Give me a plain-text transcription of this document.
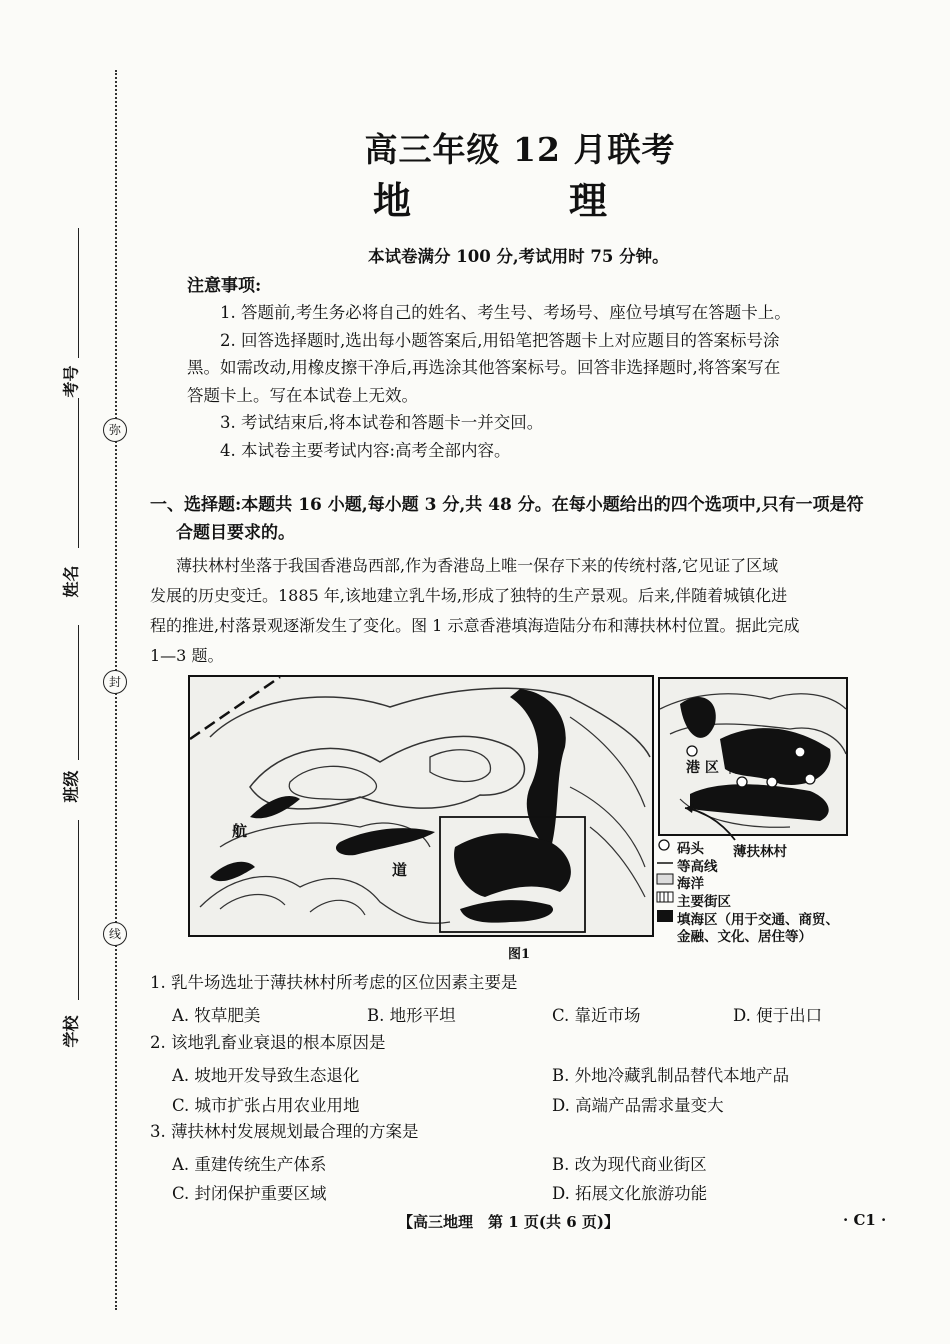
弥
封
线
考号
姓名
班级
学校
高三年级 12 月联考
地　理
本试卷满分 100 分,考试用时 75 分钟。
注意事项:
1. 答题前,考生务必将自己的姓名、考生号、考场号、座位号填写在答题卡上。
2. 回答选择题时,选出每小题答案后,用铅笔把答题卡上对应题目的答案标号涂
黑。如需改动,用橡皮擦干净后,再选涂其他答案标号。回答非选择题时,将答案写在
答题卡上。写在本试卷上无效。
3. 考试结束后,将本试卷和答题卡一并交回。
4. 本试卷主要考试内容:高考全部内容。
一、选择题:本题共 16 小题,每小题 3 分,共 48 分。在每小题给出的四个选项中,只有一项是符
合题目要求的。
薄扶林村坐落于我国香港岛西部,作为香港岛上唯一保存下来的传统村落,它见证了区域
发展的历史变迁。1885 年,该地建立乳牛场,形成了独特的生产景观。后来,伴随着城镇化进
程的推进,村落景观逐渐发生了变化。图 1 示意香港填海造陆分布和薄扶林村位置。据此完成
1—3 题。
航
道
港 区
码头 薄扶林村
等高线
海洋
主要街区
填海区（用于交通、商贸、
金融、文化、居住等）
图1
1. 乳牛场选址于薄扶林村所考虑的区位因素主要是
A. 牧草肥美	B. 地形平坦	C. 靠近市场	D. 便于出口
2. 该地乳畜业衰退的根本原因是
A. 坡地开发导致生态退化	B. 外地冷藏乳制品替代本地产品
C. 城市扩张占用农业用地	D. 高端产品需求量变大
3. 薄扶林村发展规划最合理的方案是
A. 重建传统生产体系	B. 改为现代商业街区
C. 封闭保护重要区域	D. 拓展文化旅游功能
【高三地理　第 1 页(共 6 页)】	· C1 ·
